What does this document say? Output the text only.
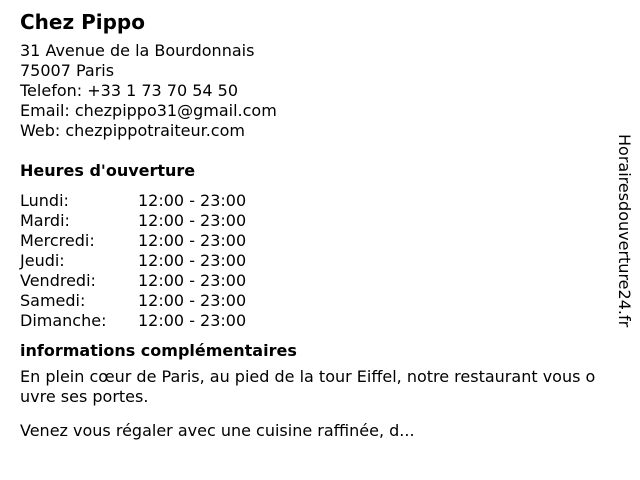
Chez Pippo
31 Avenue de la Bourdonnais
75007 Paris
Telefon: +33 1 73 70 54 50
Email: chezpippo31@gmail.com
Web: chezpippotraiteur.com
Heures d'ouverture
Lundi:	12:00 - 23:00
Mardi:	12:00 - 23:00
Mercredi:	12:00 - 23:00
Jeudi:	12:00 - 23:00
Vendredi:	12:00 - 23:00
Samedi:	12:00 - 23:00
Dimanche:	12:00 - 23:00
informations complémentaires

En plein cœur de Paris, au pied de la tour Eiffel, notre restaurant vous ouvre ses portes.

Venez vous régaler avec une cuisine raffinée, d...

Horairesdouverture24.fr
